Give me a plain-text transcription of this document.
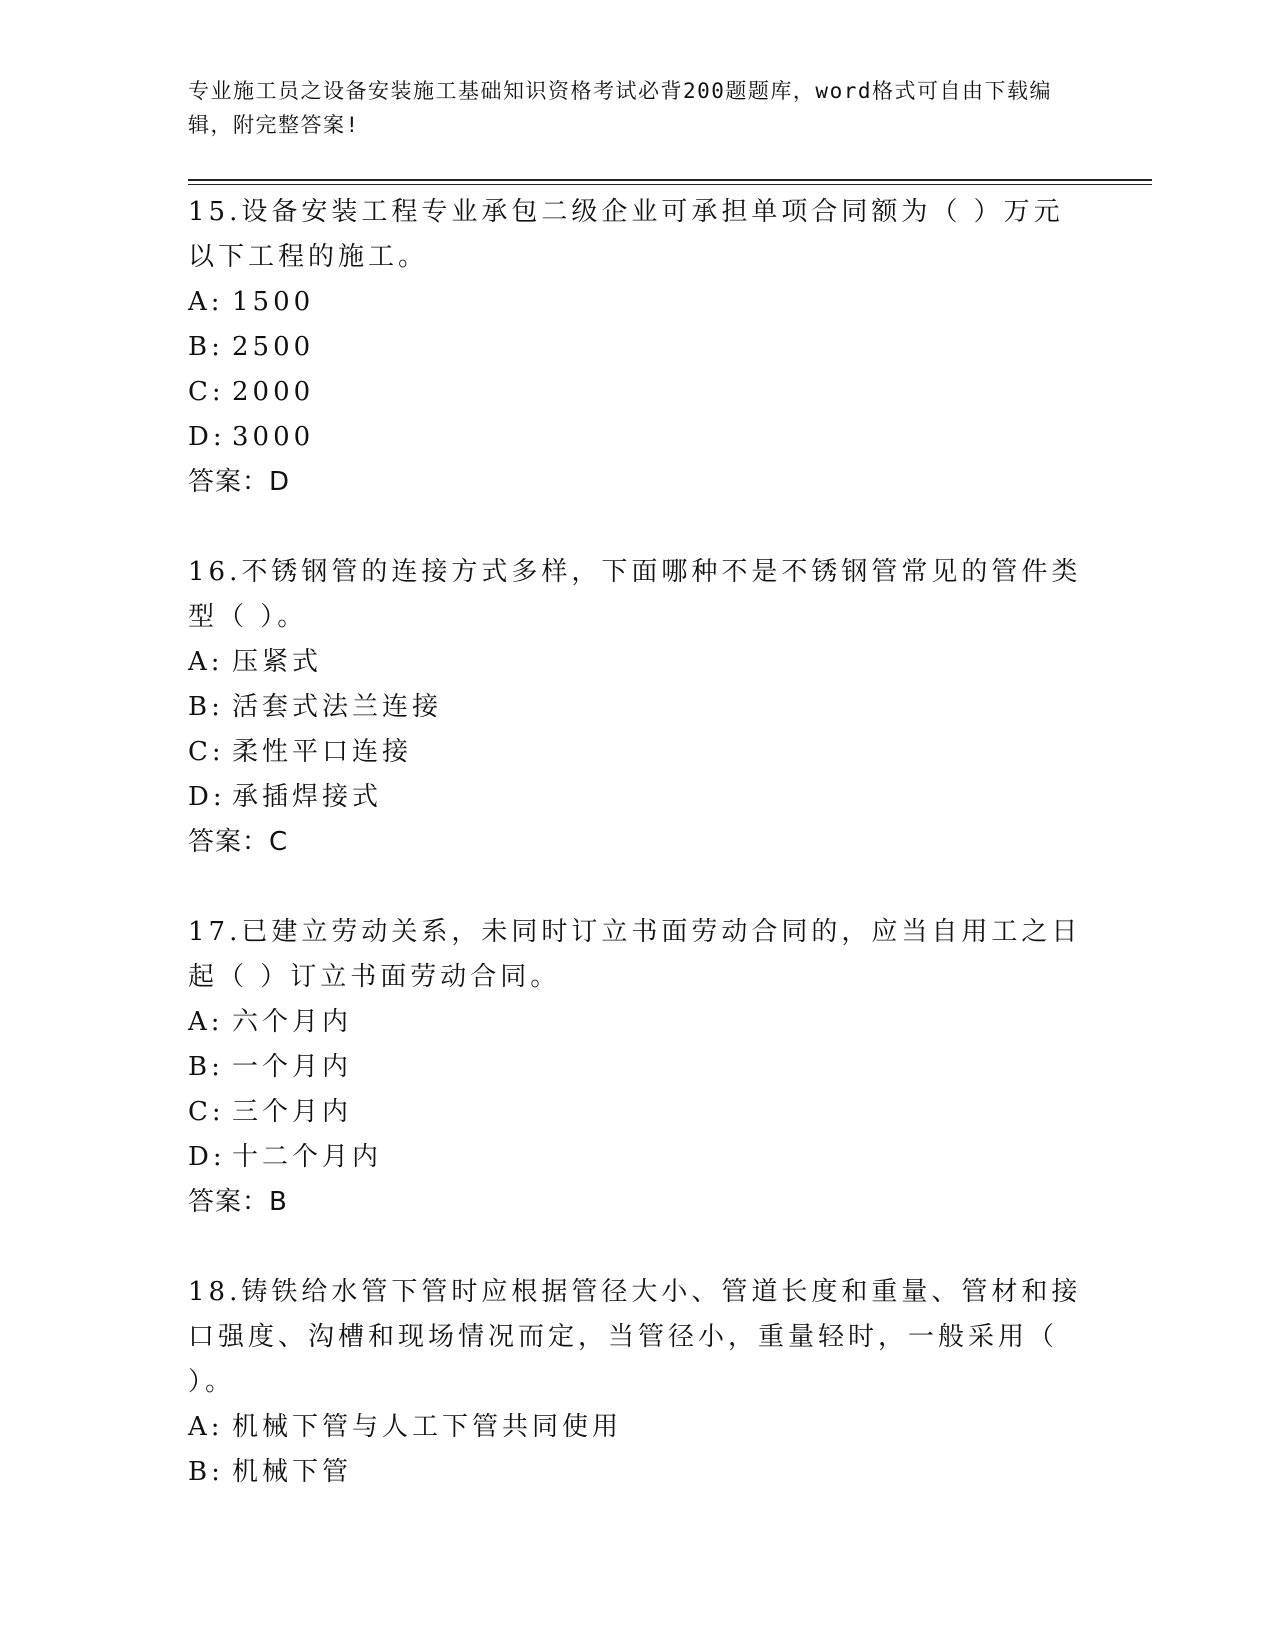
专业施工员之设备安装施工基础知识资格考试必背200题题库，word格式可自由下载编辑，附完整答案!

15.设备安装工程专业承包二级企业可承担单项合同额为（ ）万元以下工程的施工。

A: 1500

B: 2500

C: 2000

D: 3000

答案：D

16.不锈钢管的连接方式多样，下面哪种不是不锈钢管常见的管件类型（ ）。

A: 压紧式

B: 活套式法兰连接

C: 柔性平口连接

D: 承插焊接式

答案：C

17.已建立劳动关系，未同时订立书面劳动合同的，应当自用工之日起（ ）订立书面劳动合同。

A: 六个月内

B: 一个月内

C: 三个月内

D: 十二个月内

答案：B

18.铸铁给水管下管时应根据管径大小、管道长度和重量、管材和接口强度、沟槽和现场情况而定，当管径小，重量轻时，一般采用（ ）。

A: 机械下管与人工下管共同使用

B: 机械下管
